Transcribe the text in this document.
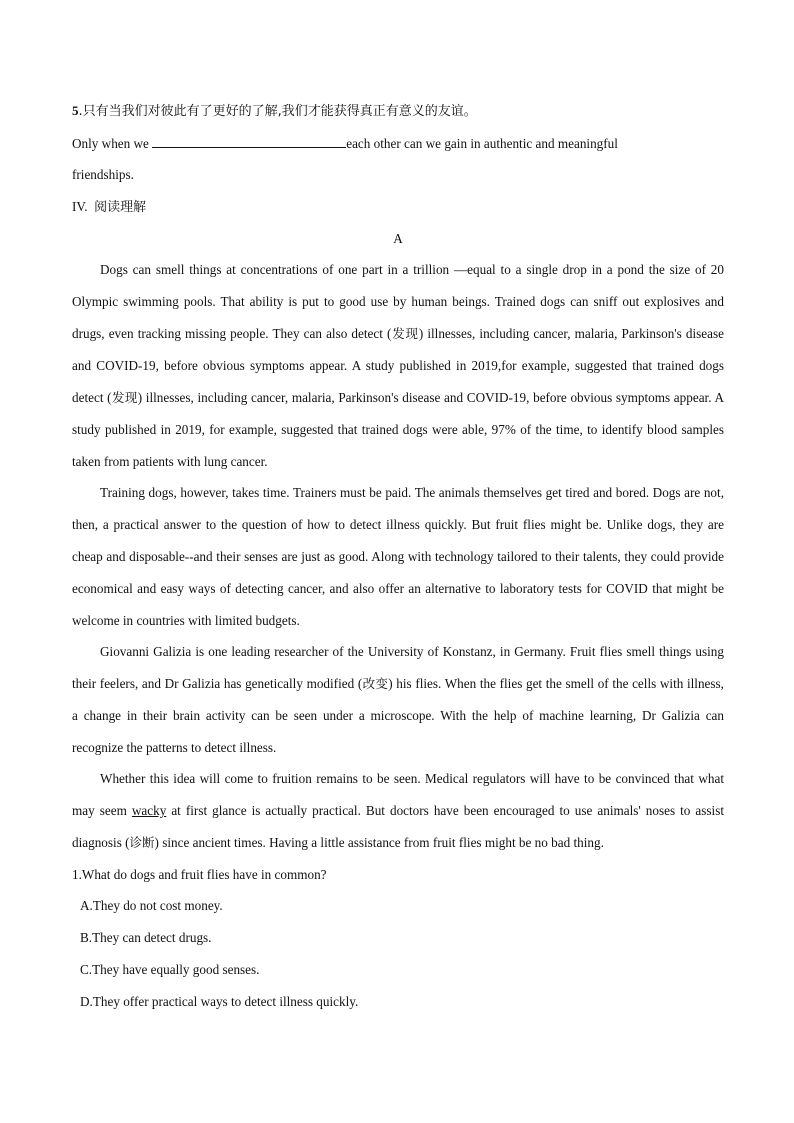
5.只有当我们对彼此有了更好的了解,我们才能获得真正有意义的友谊。
Only when we	each other can we gain in authentic and meaningful
friendships.
IV. 阅读理解
A

Dogs can smell things at concentrations of one part in a trillion —equal to a single drop in a pond the size of 20 Olympic swimming pools. That ability is put to good use by human beings. Trained dogs can sniff out explosives and drugs, even tracking missing people. They can also detect (发现) illnesses, including cancer, malaria, Parkinson's disease and COVID-19, before obvious symptoms appear. A study published in 2019,for example, suggested that trained dogs detect (发现) illnesses, including cancer, malaria, Parkinson's disease and COVID-19, before obvious symptoms appear. A study published in 2019, for example, suggested that trained dogs were able, 97% of the time, to identify blood samples taken from patients with lung cancer.

Training dogs, however, takes time. Trainers must be paid. The animals themselves get tired and bored. Dogs are not, then, a practical answer to the question of how to detect illness quickly. But fruit flies might be. Unlike dogs, they are cheap and disposable--and their senses are just as good. Along with technology tailored to their talents, they could provide economical and easy ways of detecting cancer, and also offer an alternative to laboratory tests for COVID that might be welcome in countries with limited budgets.

Giovanni Galizia is one leading researcher of the University of Konstanz, in Germany. Fruit flies smell things using their feelers, and Dr Galizia has genetically modified (改变) his flies. When the flies get the smell of the cells with illness, a change in their brain activity can be seen under a microscope. With the help of machine learning, Dr Galizia can recognize the patterns to detect illness.

Whether this idea will come to fruition remains to be seen. Medical regulators will have to be convinced that what may seem wacky at first glance is actually practical. But doctors have been encouraged to use animals' noses to assist diagnosis (诊断) since ancient times. Having a little assistance from fruit flies might be no bad thing.

1.What do dogs and fruit flies have in common?
A.They do not cost money.
B.They can detect drugs.
C.They have equally good senses.
D.They offer practical ways to detect illness quickly.
